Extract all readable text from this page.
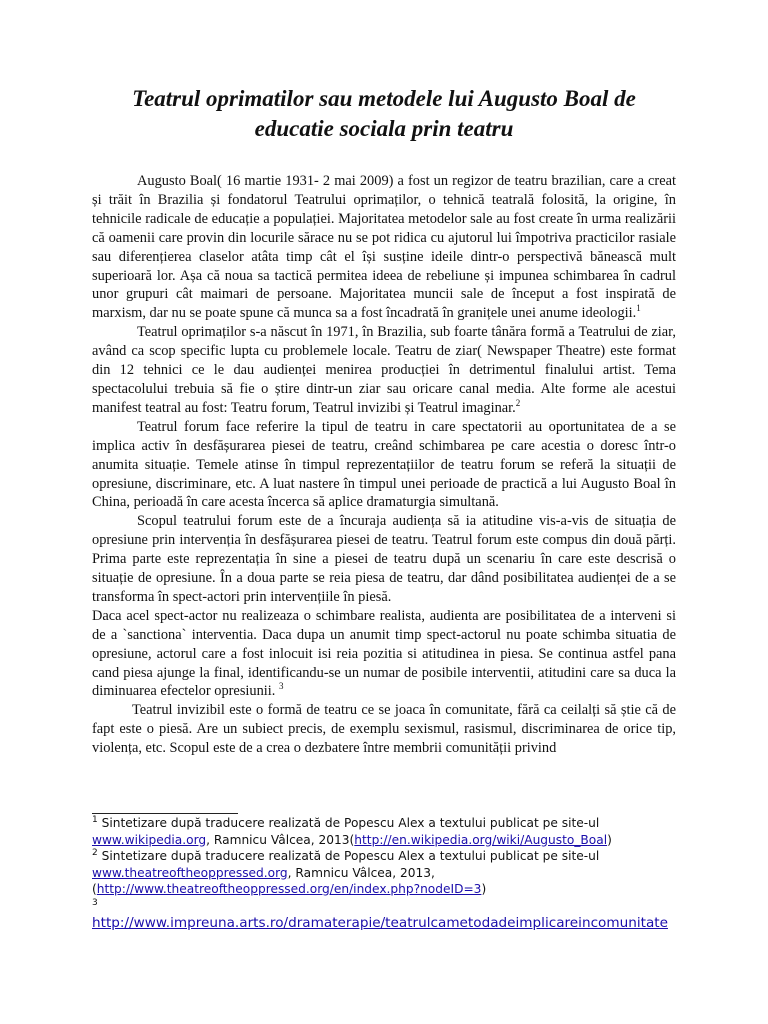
Teatrul oprimatilor sau metodele lui Augusto Boal de educatie sociala prin teatru

Augusto Boal( 16 martie 1931- 2 mai 2009) a fost un regizor de teatru brazilian, care a creat și trăit în Brazilia și fondatorul Teatrului oprimaților, o tehnică teatrală folosită, la origine, în tehnicile radicale de educație a populației. Majoritatea metodelor sale au fost create în urma realizării că oamenii care provin din locurile sărace nu se pot ridica cu ajutorul lui împotriva practicilor rasiale sau diferențierea claselor atâta timp cât el își susține ideile dintr-o perspectivă bănească mult superioară lor. Așa că noua sa tactică permitea ideea de rebeliune și impunea schimbarea în cadrul unor grupuri cât maimari de persoane. Majoritatea muncii sale de început a fost inspirată de marxism, dar nu se poate spune că munca sa a fost încadrată în granițele unei anume ideologii.$^1$

Teatrul oprimaților s-a născut în 1971, în Brazilia, sub foarte tânăra formă a Teatrului de ziar, având ca scop specific lupta cu problemele locale. Teatru de ziar( Newspaper Theatre) este format din 12 tehnici ce le dau audienței menirea producției în detrimentul finalului artist. Tema spectacolului trebuia să fie o știre dintr-un ziar sau oricare canal media. Alte forme ale acestui manifest teatral au fost: Teatru forum, Teatrul invizibi și Teatrul imaginar.$^2$

Teatrul forum face referire la tipul de teatru in care spectatorii au oportunitatea de a se implica activ în desfășurarea piesei de teatru, creând schimbarea pe care acestia o doresc într-o anumita situație. Temele atinse în timpul reprezentațiilor de teatru forum se referă la situații de opresiune, discriminare, etc. A luat nastere în timpul unei perioade de practică a lui Augusto Boal în China, perioadă în care acesta încerca să aplice dramaturgia simultană.

Scopul teatrului forum este de a încuraja audiența să ia atitudine vis-a-vis de situația de opresiune prin intervenția în desfășurarea piesei de teatru. Teatrul forum este compus din două părți. Prima parte este reprezentația în sine a piesei de teatru după un scenariu în care este descrisă o situație de opresiune. În a doua parte se reia piesa de teatru, dar dând posibilitatea audienței de a se transforma în spect-actori prin intervențiile în piesă.

Daca acel spect-actor nu realizeaza o schimbare realista, audienta are posibilitatea de a interveni si de a `sanctiona` interventia. Daca dupa un anumit timp spect-actorul nu poate schimba situatia de opresiune, actorul care a fost inlocuit isi reia pozitia si atitudinea in piesa. Se continua astfel pana cand piesa ajunge la final, identificandu-se un numar de posibile interventii, atitudini care sa duca la diminuarea efectelor opresiunii. $^3$

Teatrul invizibil este o formă de teatru ce se joaca în comunitate, fără ca ceilalți să știe că de fapt este o piesă. Are un subiect precis, de exemplu sexismul, rasismul, discriminarea de orice tip, violența, etc. Scopul este de a crea o dezbatere între membrii comunității privind

$^1$ Sintetizare după traducere realizată de Popescu Alex a textului publicat pe site-ul
www.wikipedia.org, Ramnicu Vâlcea, 2013(http://en.wikipedia.org/wiki/Augusto_Boal)

$^2$ Sintetizare după traducere realizată de Popescu Alex a textului publicat pe site-ul
www.theatreoftheoppressed.org, Ramnicu Vâlcea, 2013,
(http://www.theatreoftheoppressed.org/en/index.php?nodeID=3)

$^3$

http://www.impreuna.arts.ro/dramaterapie/teatrulcametodadeimplicareincomunitate
